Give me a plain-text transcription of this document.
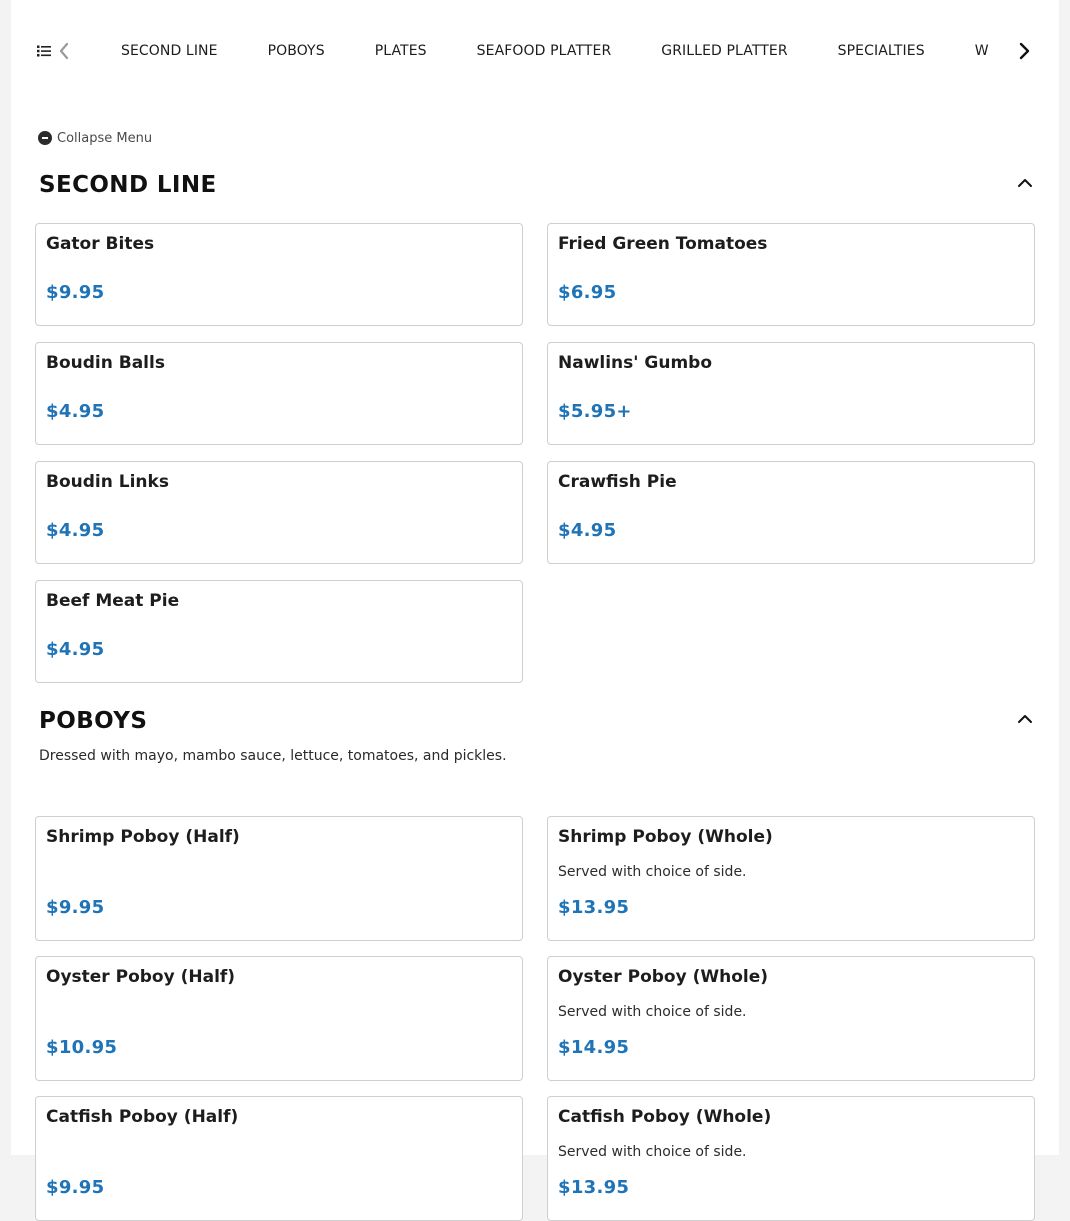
SECOND LINE	POBOYS	PLATES	SEAFOOD PLATTER	GRILLED PLATTER	SPECIALTIES	W
Collapse Menu
SECOND LINE
Gator Bites
$9.95
Fried Green Tomatoes
$6.95
Boudin Balls
$4.95
Nawlins' Gumbo
$5.95+
Boudin Links
$4.95
Crawfish Pie
$4.95
Beef Meat Pie
$4.95
POBOYS
Dressed with mayo, mambo sauce, lettuce, tomatoes, and pickles.
Shrimp Poboy (Half)
$9.95
Shrimp Poboy (Whole)
Served with choice of side.
$13.95
Oyster Poboy (Half)
$10.95
Oyster Poboy (Whole)
Served with choice of side.
$14.95
Catfish Poboy (Half)
$9.95
Catfish Poboy (Whole)
Served with choice of side.
$13.95
